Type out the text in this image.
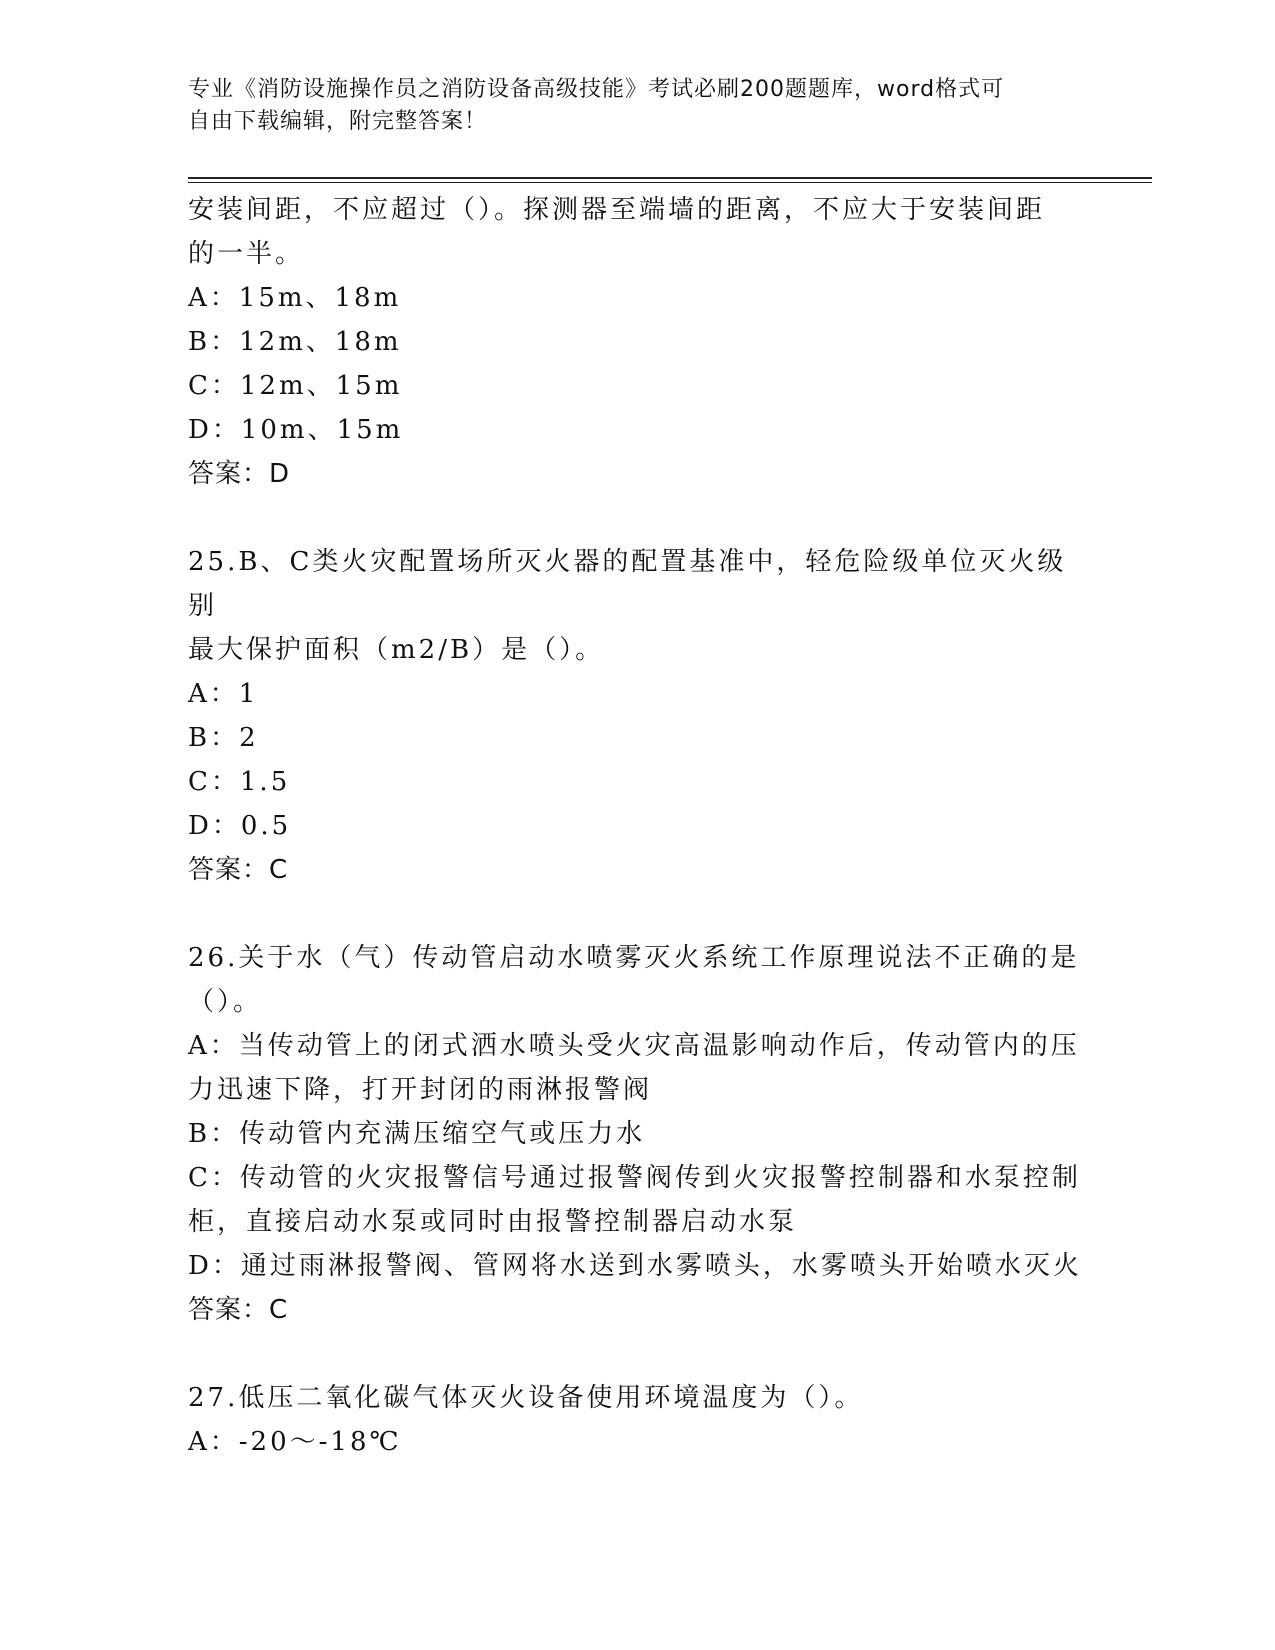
专业《消防设施操作员之消防设备高级技能》考试必刷200题题库，word格式可
自由下载编辑，附完整答案！

安装间距，不应超过（）。探测器至端墙的距离，不应大于安装间距
的一半。

A：15m、18m

B：12m、18m

C：12m、15m

D：10m、15m

答案：D

25.B、C类火灾配置场所灭火器的配置基准中，轻危险级单位灭火级别
最大保护面积（m2/B）是（）。

A：1

B：2

C：1.5

D：0.5

答案：C

26.关于水（气）传动管启动水喷雾灭火系统工作原理说法不正确的是
（）。

A：当传动管上的闭式洒水喷头受火灾高温影响动作后，传动管内的压
力迅速下降，打开封闭的雨淋报警阀

B：传动管内充满压缩空气或压力水

C：传动管的火灾报警信号通过报警阀传到火灾报警控制器和水泵控制
柜，直接启动水泵或同时由报警控制器启动水泵

D：通过雨淋报警阀、管网将水送到水雾喷头，水雾喷头开始喷水灭火

答案：C

27.低压二氧化碳气体灭火设备使用环境温度为（）。

A：-20～-18℃
